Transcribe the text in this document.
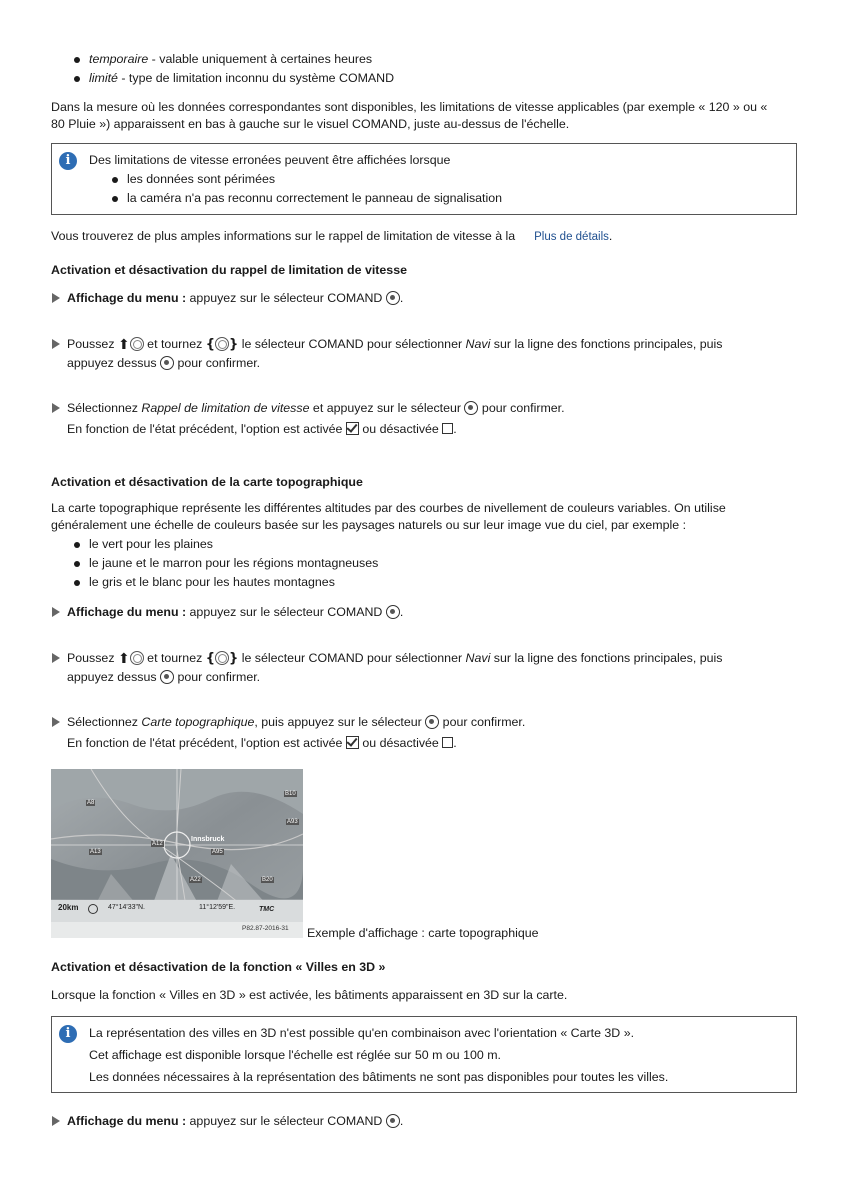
temporaire - valable uniquement à certaines heures
limité - type de limitation inconnu du système COMAND
Dans la mesure où les données correspondantes sont disponibles, les limitations de vitesse applicables (par exemple « 120 » ou «
80 Pluie ») apparaissent en bas à gauche sur le visuel COMAND, juste au-dessus de l'échelle.
i	Des limitations de vitesse erronées peuvent être affichées lorsque
les données sont périmées
la caméra n'a pas reconnu correctement le panneau de signalisation
Vous trouverez de plus amples informations sur le rappel de limitation de vitesse à la Plus de détails.
Activation et désactivation du rappel de limitation de vitesse
Affichage du menu : appuyez sur le sélecteur COMAND .
Poussez ⬆ et tournez { } le sélecteur COMAND pour sélectionner Navi sur la ligne des fonctions principales, puis
appuyez dessus pour confirmer.
Sélectionnez Rappel de limitation de vitesse et appuyez sur le sélecteur pour confirmer.
En fonction de l'état précédent, l'option est activée ou désactivée .
Activation et désactivation de la carte topographique
La carte topographique représente les différentes altitudes par des courbes de nivellement de couleurs variables. On utilise
généralement une échelle de couleurs basée sur les paysages naturels ou sur leur image vue du ciel, par exemple :
le vert pour les plaines
le jaune et le marron pour les régions montagneuses
le gris et le blanc pour les hautes montagnes
Affichage du menu : appuyez sur le sélecteur COMAND .
Poussez ⬆ et tournez { } le sélecteur COMAND pour sélectionner Navi sur la ligne des fonctions principales, puis
appuyez dessus pour confirmer.
Sélectionnez Carte topographique, puis appuyez sur le sélecteur pour confirmer.
En fonction de l'état précédent, l'option est activée ou désactivée .
A8
A12
A13	A95
A93
A22	B20
B10
Innsbruck
20km	47°14'33"N.	11°12'59"E.	TMC
P82.87-2016-31 Exemple d'affichage : carte topographique
Activation et désactivation de la fonction « Villes en 3D »
Lorsque la fonction « Villes en 3D » est activée, les bâtiments apparaissent en 3D sur la carte.
i	La représentation des villes en 3D n'est possible qu'en combinaison avec l'orientation « Carte 3D ».
Cet affichage est disponible lorsque l'échelle est réglée sur 50 m ou 100 m.
Les données nécessaires à la représentation des bâtiments ne sont pas disponibles pour toutes les villes.
Affichage du menu : appuyez sur le sélecteur COMAND .
